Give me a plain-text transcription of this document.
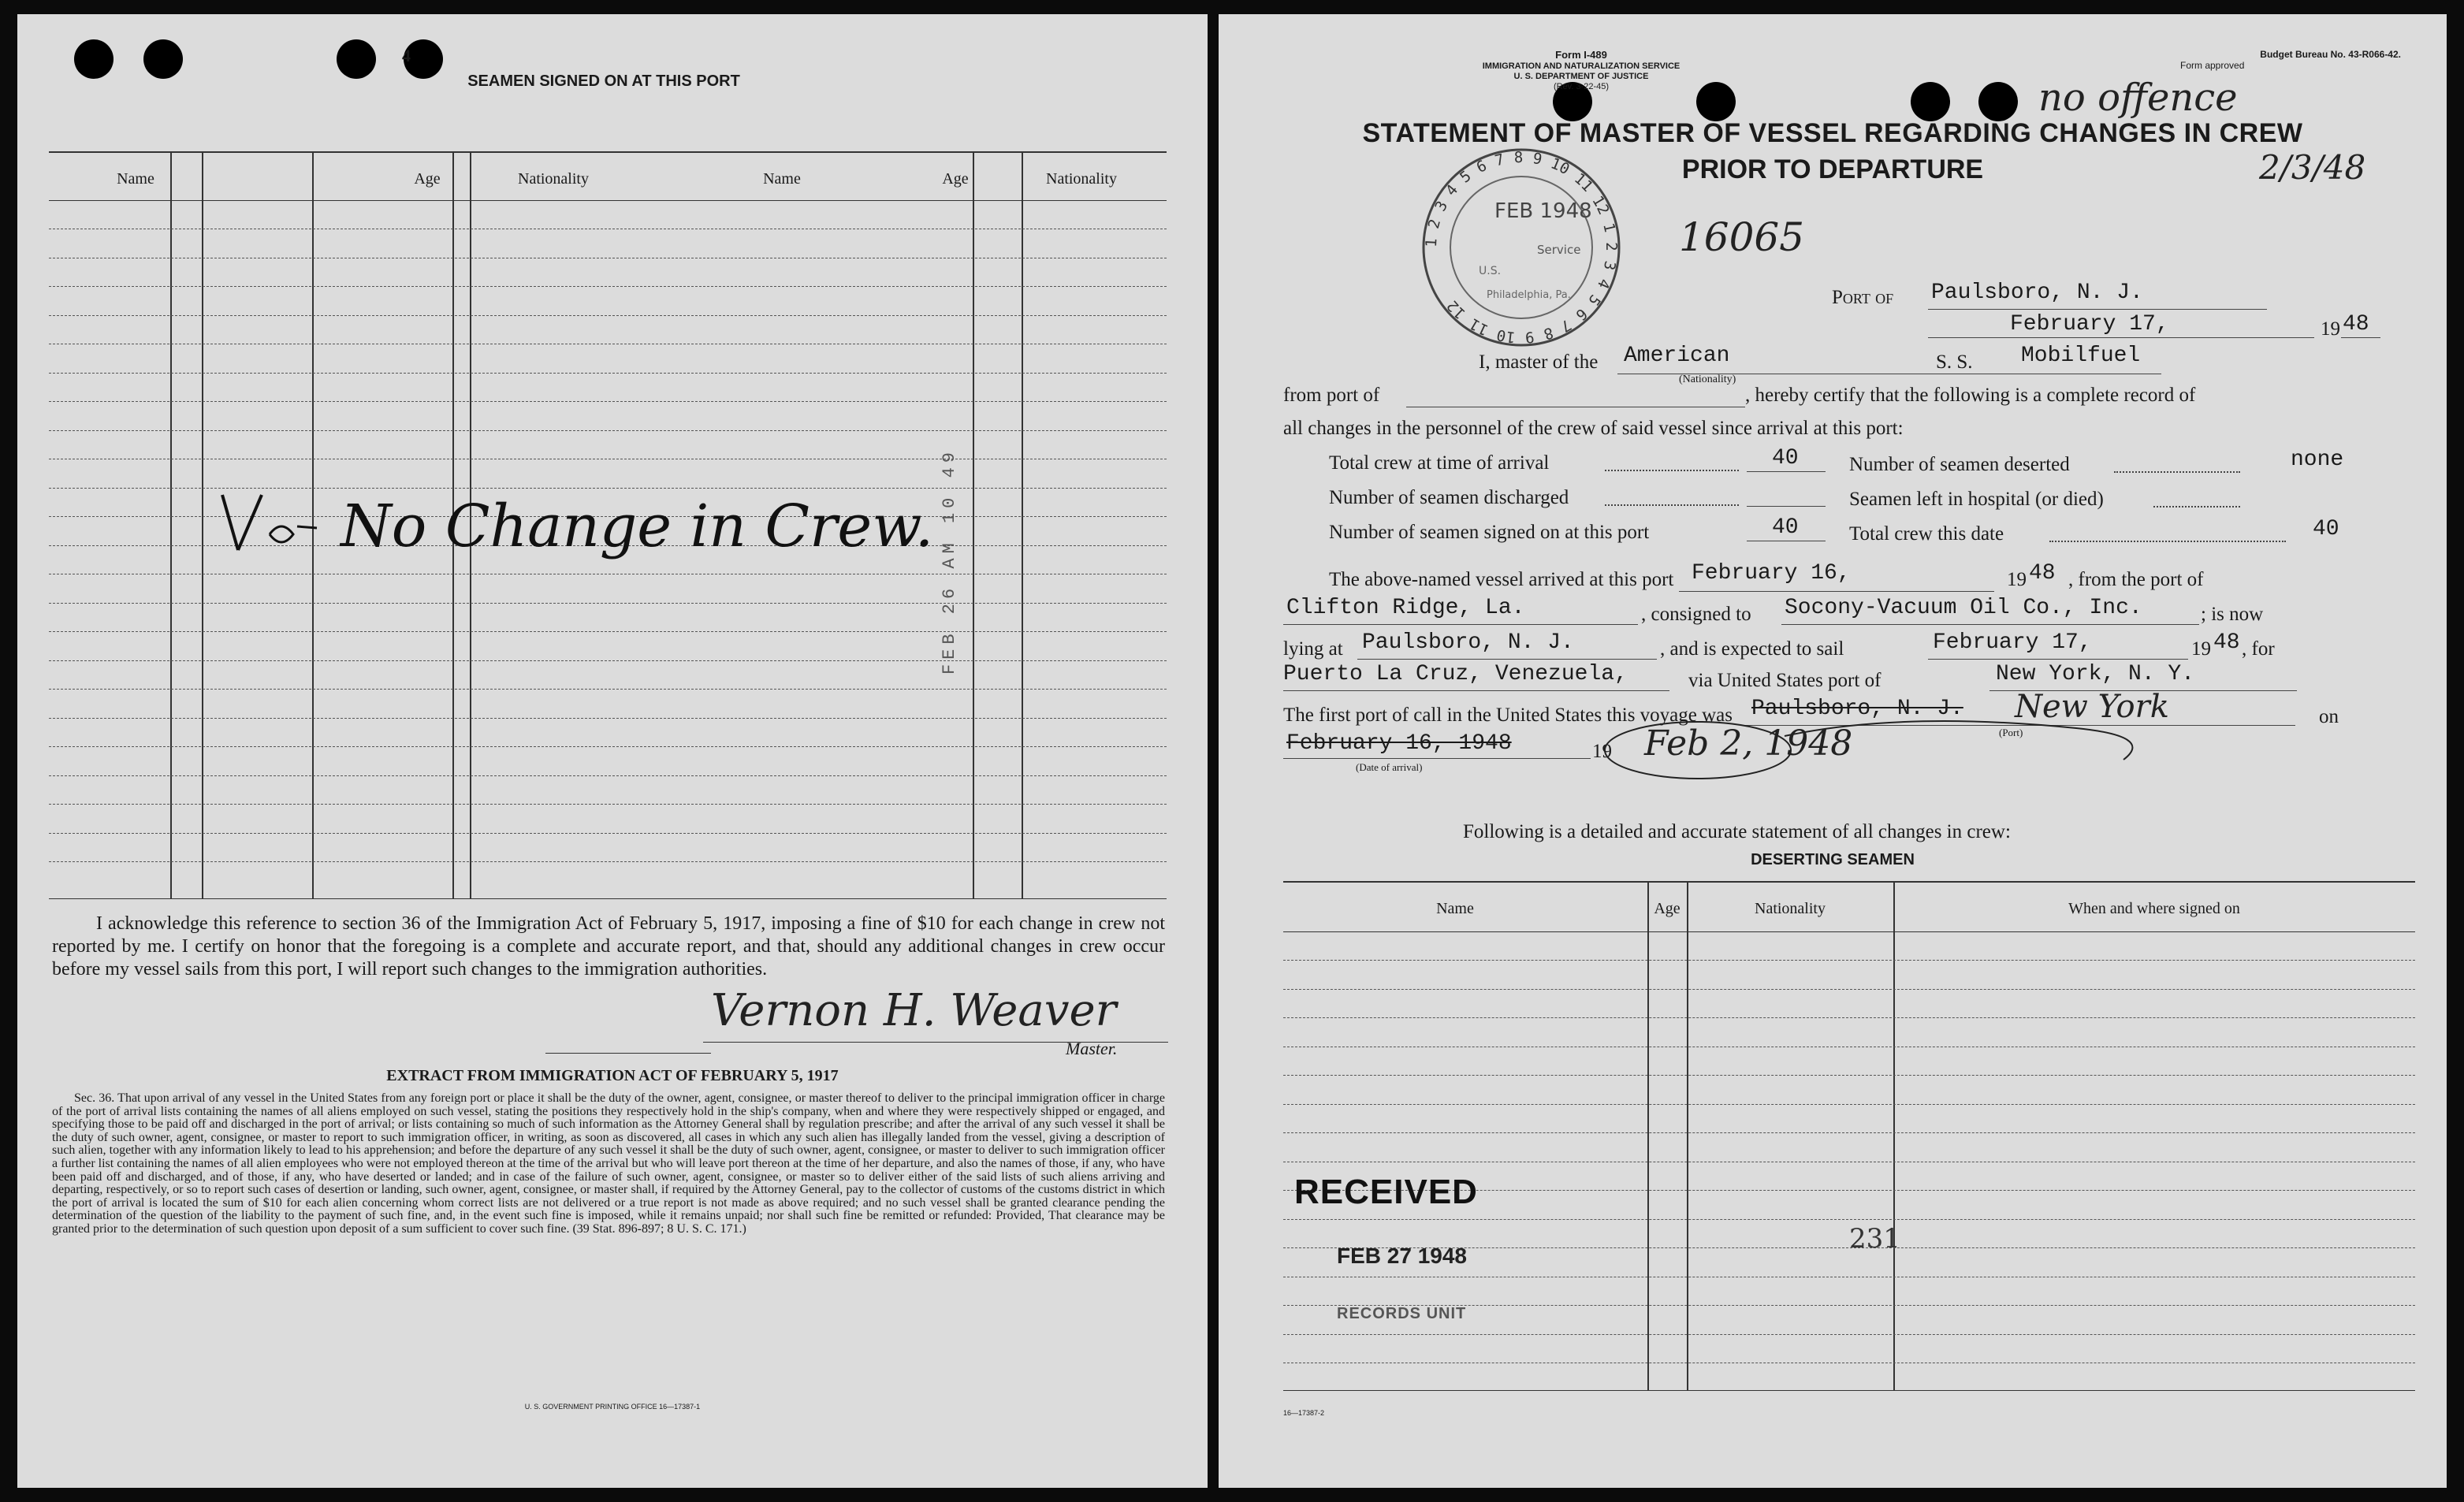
4
SEAMEN SIGNED ON AT THIS PORT
Name	Age	Nationality	Name	Age	Nationality
No Change in Crew. FEB 26 AM 10 49
I acknowledge this reference to section 36 of the Immigration Act of February 5, 1917, imposing a fine of $10 for each change in crew not reported by me. I certify on honor that the foregoing is a complete and accurate report, and that, should any additional changes in crew occur before my vessel sails from this port, I will report such changes to the immigration authorities.
Vernon H. Weaver
Master.
EXTRACT FROM IMMIGRATION ACT OF FEBRUARY 5, 1917
Sec. 36. That upon arrival of any vessel in the United States from any foreign port or place it shall be the duty of the owner, agent, consignee, or master thereof to deliver to the principal immigration officer in charge of the port of arrival lists containing the names of all aliens employed on such vessel, stating the positions they respectively hold in the ship's company, when and where they were respectively shipped or engaged, and specifying those to be paid off and discharged in the port of arrival; or lists containing so much of such information as the Attorney General shall by regulation prescribe; and after the arrival of any such vessel it shall be the duty of such owner, agent, consignee, or master to report to such immigration officer, in writing, as soon as discovered, all cases in which any such alien has illegally landed from the vessel, giving a description of such alien, together with any information likely to lead to his apprehension; and before the departure of any such vessel it shall be the duty of such owner, agent, consignee, or master to deliver to such immigration officer a further list containing the names of all alien employees who were not employed thereon at the time of the arrival but who will leave port thereon at the time of her departure, and also the names of those, if any, who have been paid off and discharged, and of those, if any, who have deserted or landed; and in case of the failure of such owner, agent, consignee, or master so to deliver either of the said lists of such aliens arriving and departing, respectively, or so to report such cases of desertion or landing, such owner, agent, consignee, or master shall, if required by the Attorney General, pay to the collector of customs of the customs district in which the port of arrival is located the sum of $10 for each alien concerning whom correct lists are not delivered or a true report is not made as above required; and no such vessel shall be granted clearance pending the determination of the question of the liability to the payment of such fine, and, in the event such fine is imposed, while it remains unpaid; nor shall such fine be remitted or refunded: Provided, That clearance may be granted prior to the determination of such question upon deposit of a sum sufficient to cover such fine. (39 Stat. 896-897; 8 U. S. C. 171.)
U. S. GOVERNMENT PRINTING OFFICE 16—17387-1
Form I-489
IMMIGRATION AND NATURALIZATION SERVICE
U. S. DEPARTMENT OF JUSTICE
(Rev. 3-22-45)
Budget Bureau No. 43-R066-42.
Form approved
STATEMENT OF MASTER OF VESSEL REGARDING CHANGES IN CREW
PRIOR TO DEPARTURE
no offence
2/3/48
16065
1 2 3 4 5 6 7 8 9 10 11 12 1 2 3 4 5 6 7 8 9 10 11 12
FEB 1948
Service
U.S.
Philadelphia, Pa.	Port of Paulsboro, N. J.
February 17,	19 48
I, master of the American
(Nationality)
S. S. Mobilfuel
from port of	, hereby certify that the following is a complete record of
all changes in the personnel of the crew of said vessel since arrival at this port:
Total crew at time of arrival	40
Number of seamen discharged
Number of seamen signed on at this port	40
Number of seamen deserted	none
Seamen left in hospital (or died)
Total crew this date	40
The above-named vessel arrived at this port February 16,	19 48 , from the port of
Clifton Ridge, La.	, consigned to Socony-Vacuum Oil Co., Inc.	; is now
lying at Paulsboro, N. J.	, and is expected to sail	February 17,	19 48 , for
Puerto La Cruz, Venezuela,	via United States port of	New York, N. Y.
The first port of call in the United States this voyage was Paulsboro, N. J. New York
(Port)
on
February 16, 1948	19 Feb 2, 1948
(Date of arrival)
Following is a detailed and accurate statement of all changes in crew:
DESERTING SEAMEN
Name	Age	Nationality	When and where signed on
RECEIVED
FEB 27 1948
RECORDS UNIT
231
16—17387-2
